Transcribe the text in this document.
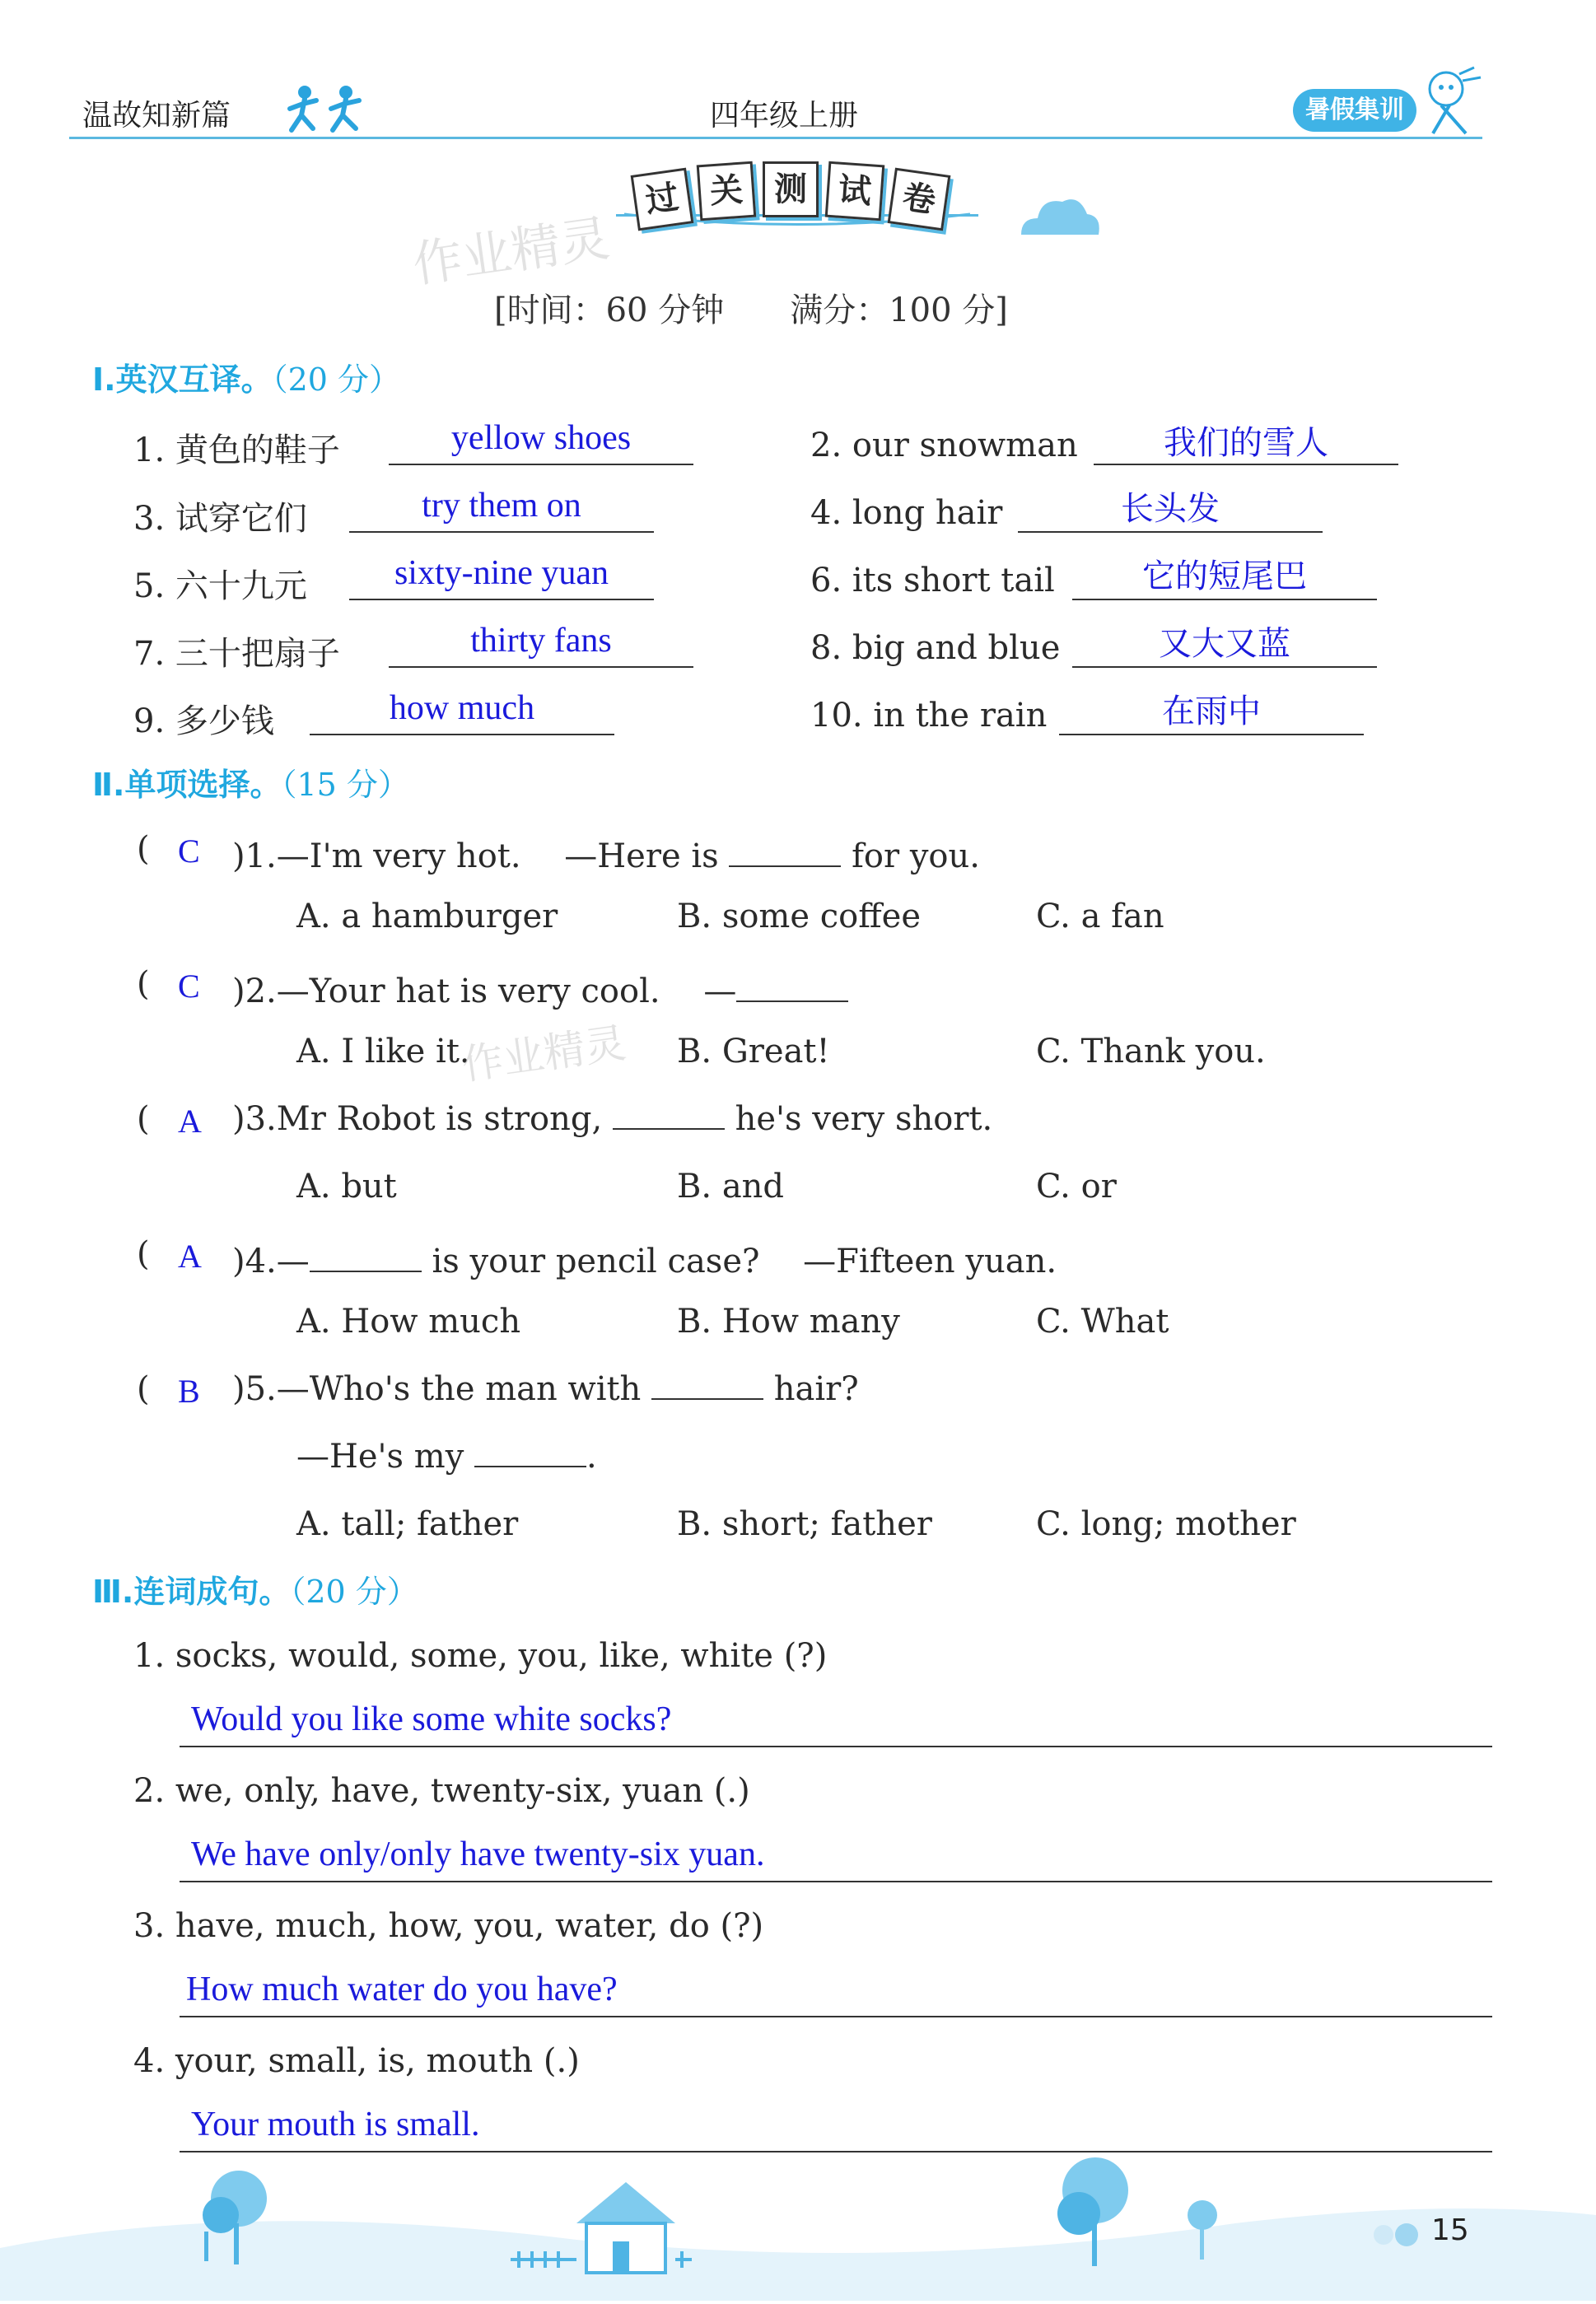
温故知新篇	四年级上册	暑假集训
过 关 测 试 卷
作业精灵
[时间：60 分钟　　满分：100 分]
Ⅰ.英汉互译。（20 分）
1. 黄色的鞋子	yellow shoes	2. our snowman	我们的雪人
3. 试穿它们	try them on	4. long hair	长头发
5. 六十九元	sixty-nine yuan	6. its short tail	它的短尾巴
7. 三十把扇子	thirty fans	8. big and blue	又大又蓝
9. 多少钱	how much	10. in the rain	在雨中
Ⅱ.单项选择。（15 分）
( C )1.—I'm very hot.　 —Here is	for you.
A. a hamburger	B. some coffee	C. a fan
( C )2.—Your hat is very cool.　 —
A. I like it.	B. Great!	C. Thank you.
作业精灵
( A )3.Mr Robot is strong,	he's very short.
A. but	B. and	C. or
( A )4.—	is your pencil case?　 —Fifteen yuan.
A. How much	B. How many	C. What
( B )5.—Who's the man with	hair?
—He's my	.
A. tall; father	B. short; father	C. long; mother
Ⅲ.连词成句。（20 分）
1. socks, would, some, you, like, white (?)
Would you like some white socks?
2. we, only, have, twenty-six, yuan (.)
We have only/only have twenty-six yuan.
3. have, much, how, you, water, do (?)
How much water do you have?
4. your, small, is, mouth (.)
Your mouth is small.
15
